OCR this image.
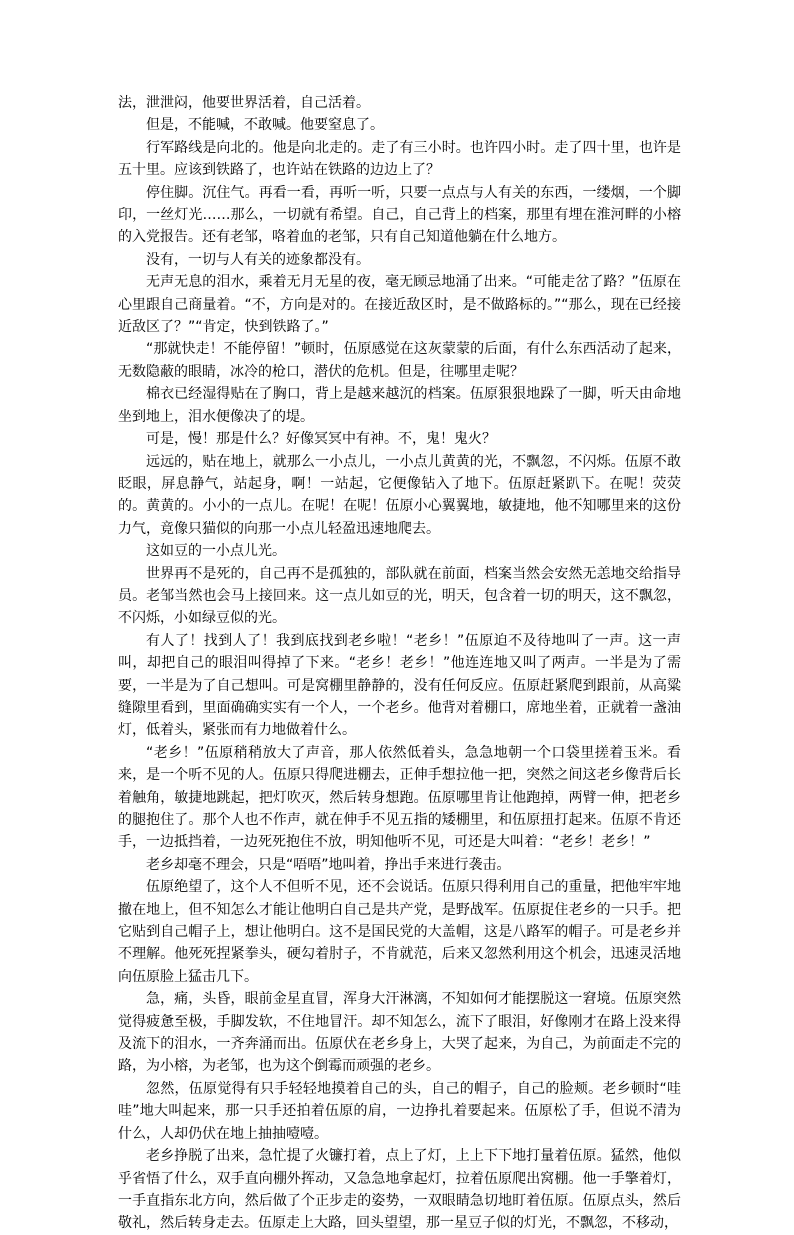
法，泄泄闷，他要世界活着，自己活着。

但是，不能喊，不敢喊。他要窒息了。

行军路线是向北的。他是向北走的。走了有三小时。也许四小时。走了四十里，也许是五十里。应该到铁路了，也许站在铁路的边边上了？

停住脚。沉住气。再看一看，再听一听，只要一点点与人有关的东西，一缕烟，一个脚印，一丝灯光……那么，一切就有希望。自己，自己背上的档案，那里有埋在淮河畔的小榕的入党报告。还有老邹，咯着血的老邹，只有自己知道他躺在什么地方。

没有，一切与人有关的迹象都没有。

无声无息的泪水，乘着无月无星的夜，毫无顾忌地涌了出来。“可能走岔了路？”伍原在心里跟自己商量着。“不，方向是对的。在接近敌区时，是不做路标的。”“那么，现在已经接近敌区了？”“肯定，快到铁路了。”

“那就快走！不能停留！”顿时，伍原感觉在这灰蒙蒙的后面，有什么东西活动了起来，无数隐蔽的眼睛，冰冷的枪口，潜伏的危机。但是，往哪里走呢？

棉衣已经湿得贴在了胸口，背上是越来越沉的档案。伍原狠狠地跺了一脚，听天由命地坐到地上，泪水便像决了的堤。

可是，慢！那是什么？好像冥冥中有神。不，鬼！鬼火？

远远的，贴在地上，就那么一小点儿，一小点儿黄黄的光，不飘忽，不闪烁。伍原不敢眨眼，屏息静气，站起身，啊！一站起，它便像钻入了地下。伍原赶紧趴下。在呢！荧荧的。黄黄的。小小的一点儿。在呢！在呢！伍原小心翼翼地，敏捷地，他不知哪里来的这份力气，竟像只猫似的向那一小点儿轻盈迅速地爬去。

这如豆的一小点儿光。

世界再不是死的，自己再不是孤独的，部队就在前面，档案当然会安然无恙地交给指导员。老邹当然也会马上接回来。这一点儿如豆的光，明天，包含着一切的明天，这不飘忽，不闪烁，小如绿豆似的光。

有人了！找到人了！我到底找到老乡啦！“老乡！”伍原迫不及待地叫了一声。这一声叫，却把自己的眼泪叫得掉了下来。“老乡！老乡！”他连连地又叫了两声。一半是为了需要，一半是为了自己想叫。可是窝棚里静静的，没有任何反应。伍原赶紧爬到跟前，从高粱缝隙里看到，里面确确实实有一个人，一个老乡。他背对着棚口，席地坐着，正就着一盏油灯，低着头，紧张而有力地做着什么。

“老乡！”伍原稍稍放大了声音，那人依然低着头，急急地朝一个口袋里搓着玉米。看来，是一个听不见的人。伍原只得爬进棚去，正伸手想拉他一把，突然之间这老乡像背后长着触角，敏捷地跳起，把灯吹灭，然后转身想跑。伍原哪里肯让他跑掉，两臂一伸，把老乡的腿抱住了。那个人也不作声，就在伸手不见五指的矮棚里，和伍原扭打起来。伍原不肯还手，一边抵挡着，一边死死抱住不放，明知他听不见，可还是大叫着：“老乡！老乡！”

老乡却毫不理会，只是“唔唔”地叫着，挣出手来进行袭击。

伍原绝望了，这个人不但听不见，还不会说话。伍原只得利用自己的重量，把他牢牢地撤在地上，但不知怎么才能让他明白自己是共产党，是野战军。伍原捉住老乡的一只手。把它贴到自己帽子上，想让他明白。这不是国民党的大盖帽，这是八路军的帽子。可是老乡并不理解。他死死捏紧拳头，硬勾着肘子，不肯就范，后来又忽然利用这个机会，迅速灵活地向伍原脸上猛击几下。

急，痛，头昏，眼前金星直冒，浑身大汗淋漓，不知如何才能摆脱这一窘境。伍原突然觉得疲惫至极，手脚发软，不住地冒汗。却不知怎么，流下了眼泪，好像刚才在路上没来得及流下的泪水，一齐奔涌而出。伍原伏在老乡身上，大哭了起来，为自己，为前面走不完的路，为小榕，为老邹，也为这个倒霉而顽强的老乡。

忽然，伍原觉得有只手轻轻地摸着自己的头，自己的帽子，自己的脸颊。老乡顿时“哇哇”地大叫起来，那一只手还拍着伍原的肩，一边挣扎着要起来。伍原松了手，但说不清为什么，人却仍伏在地上抽抽噎噎。

老乡挣脱了出来，急忙提了火镰打着，点上了灯，上上下下地打量着伍原。猛然，他似乎省悟了什么，双手直向棚外挥动，又急急地拿起灯，拉着伍原爬出窝棚。他一手擎着灯，一手直指东北方向，然后做了个正步走的姿势，一双眼睛急切地盯着伍原。伍原点头，然后敬礼，然后转身走去。伍原走上大路，回头望望，那一星豆子似的灯光，不飘忽，不移动，
